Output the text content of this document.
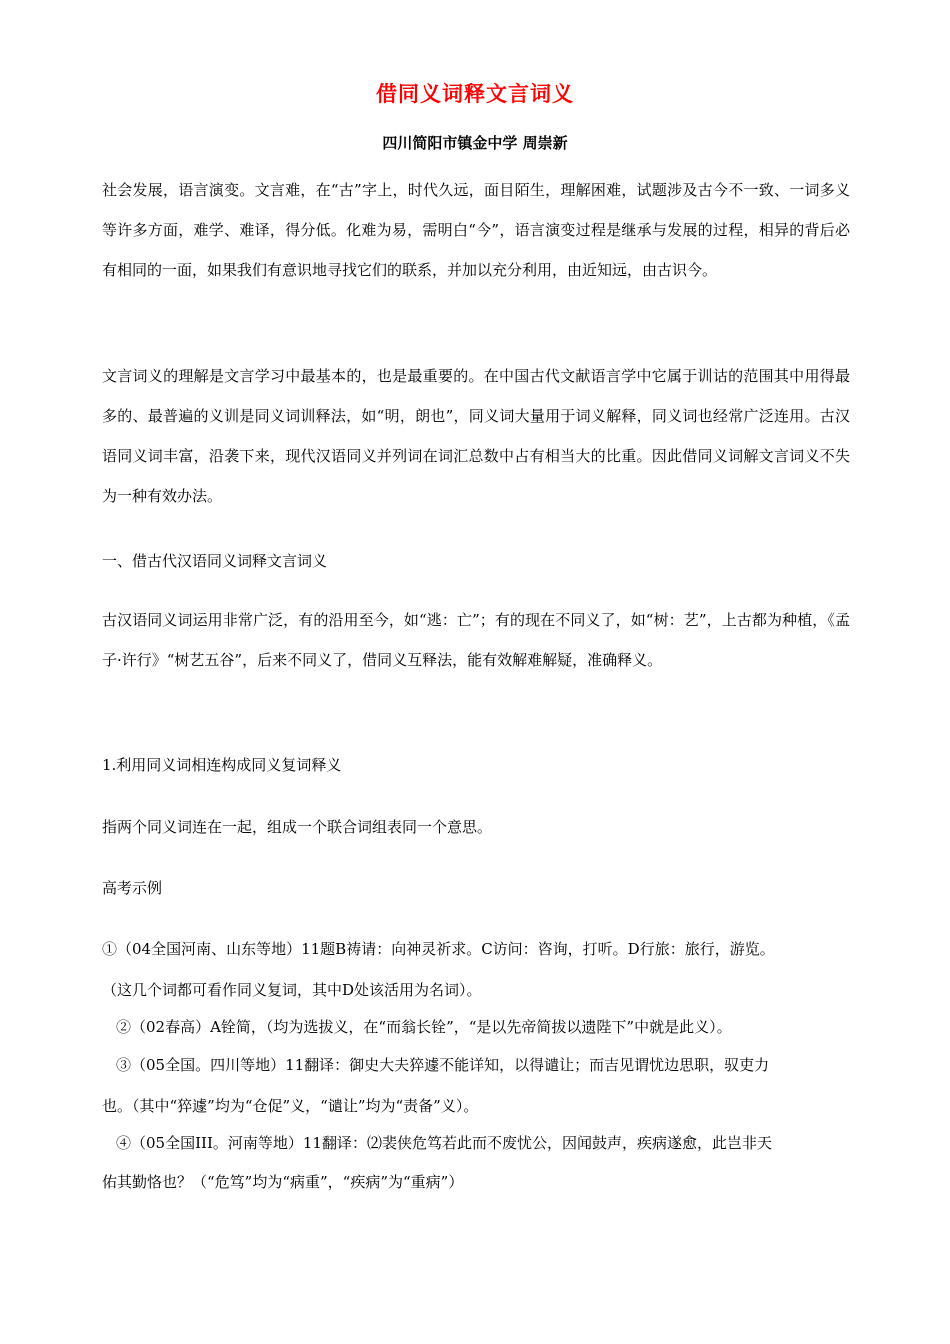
借同义词释文言词义
四川简阳市镇金中学 周崇新
社会发展，语言演变。文言难，在“古”字上，时代久远，面目陌生，理解困难，试题涉及古今不一致、一词多义等许多方面，难学、难译，得分低。化难为易，需明白“今”，语言演变过程是继承与发展的过程，相异的背后必有相同的一面，如果我们有意识地寻找它们的联系，并加以充分利用，由近知远，由古识今。
文言词义的理解是文言学习中最基本的，也是最重要的。在中国古代文献语言学中它属于训诂的范围其中用得最多的、最普遍的义训是同义词训释法，如“明，朗也”，同义词大量用于词义解释，同义词也经常广泛连用。古汉语同义词丰富，沿袭下来，现代汉语同义并列词在词汇总数中占有相当大的比重。因此借同义词解文言词义不失为一种有效办法。
一、借古代汉语同义词释文言词义
古汉语同义词运用非常广泛，有的沿用至今，如“逃：亡”；有的现在不同义了，如“树：艺”，上古都为种植，《孟子·许行》“树艺五谷”，后来不同义了，借同义互释法，能有效解难解疑，准确释义。
1.利用同义词相连构成同义复词释义
指两个同义词连在一起，组成一个联合词组表同一个意思。
高考示例
①（04全国河南、山东等地）11题B祷请：向神灵祈求。C访问：咨询，打听。D行旅：旅行，游览。
（这几个词都可看作同义复词，其中D处该活用为名词）。
②（02春高）A铨简，（均为选拔义，在“而翁长铨”，“是以先帝简拔以遗陛下”中就是此义）。
③（05全国。四川等地）11翻译：御史大夫猝遽不能详知，以得谴让；而吉见谓忧边思职，驭吏力
也。（其中“猝遽”均为“仓促”义，“谴让”均为“责备”义）。
④（05全国III。河南等地）11翻译：⑵裴侠危笃若此而不废忧公，因闻鼓声，疾病遂愈，此岂非天
佑其勤恪也？（“危笃”均为“病重”，“疾病”为“重病”）
